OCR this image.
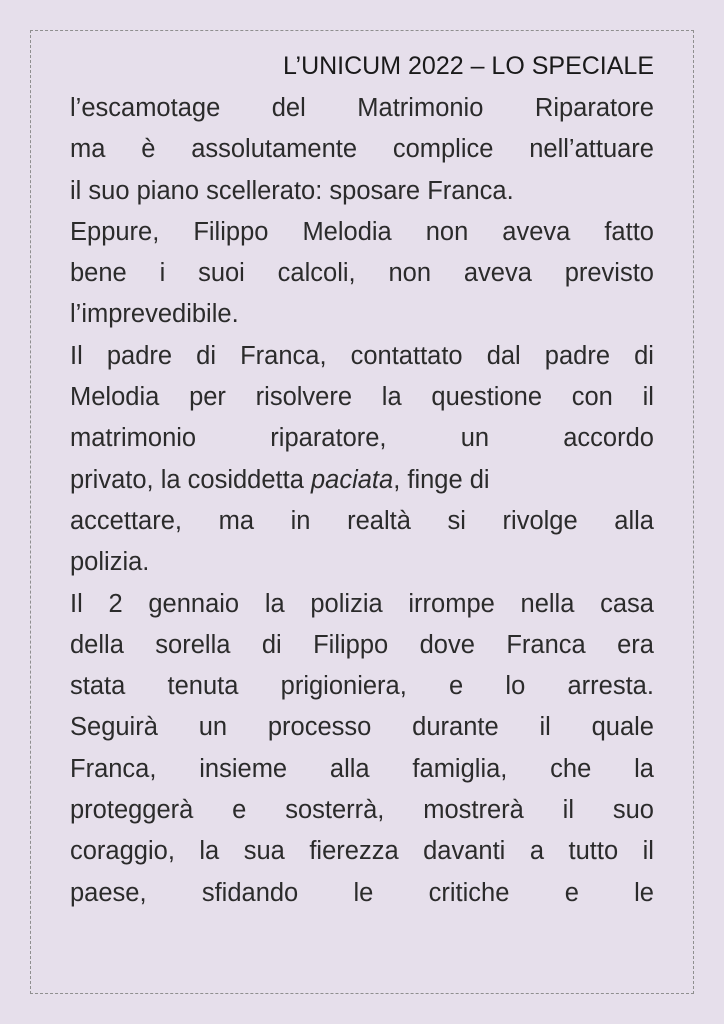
L’UNICUM 2022 – LO SPECIALE
l’escamotage del Matrimonio Riparatore
ma è assolutamente complice nell’attuare
il suo piano scellerato: sposare Franca.
Eppure, Filippo Melodia non aveva fatto
bene i suoi calcoli, non aveva previsto
l’imprevedibile.
Il padre di Franca, contattato dal padre di
Melodia per risolvere la questione con il
matrimonio	riparatore,	un	accordo
privato, la cosiddetta paciata, finge di
accettare, ma in realtà si rivolge alla
polizia.
Il 2 gennaio la polizia irrompe nella casa
della sorella di Filippo dove Franca era
stata tenuta prigioniera, e lo arresta.
Seguirà un processo durante il quale
Franca, insieme alla famiglia, che la
proteggerà e sosterrà, mostrerà il suo
coraggio, la sua fierezza davanti a tutto il
paese, sfidando le critiche e le
